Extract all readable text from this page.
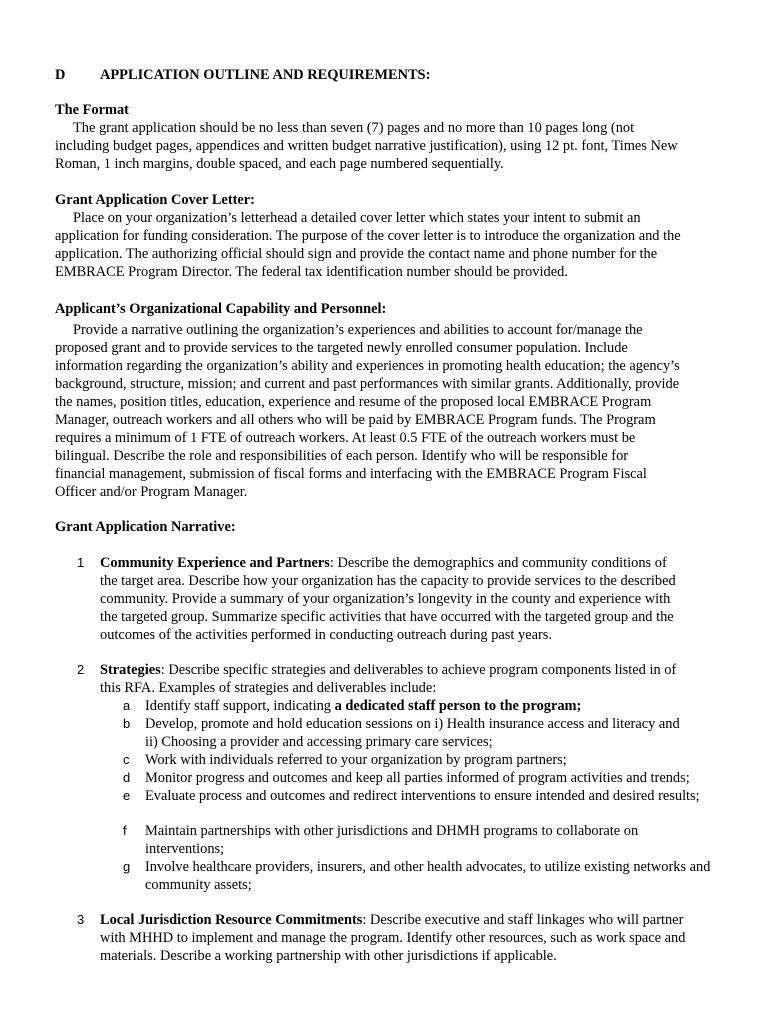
D APPLICATION OUTLINE AND REQUIREMENTS:
The Format
The grant application should be no less than seven (7) pages and no more than 10 pages long (not
including budget pages, appendices and written budget narrative justification), using 12 pt. font, Times New
Roman, 1 inch margins, double spaced, and each page numbered sequentially.
Grant Application Cover Letter:
Place on your organization’s letterhead a detailed cover letter which states your intent to submit an
application for funding consideration. The purpose of the cover letter is to introduce the organization and the
application. The authorizing official should sign and provide the contact name and phone number for the
EMBRACE Program Director. The federal tax identification number should be provided.
Applicant’s Organizational Capability and Personnel:
Provide a narrative outlining the organization’s experiences and abilities to account for/manage the
proposed grant and to provide services to the targeted newly enrolled consumer population. Include
information regarding the organization’s ability and experiences in promoting health education; the agency’s
background, structure, mission; and current and past performances with similar grants. Additionally, provide
the names, position titles, education, experience and resume of the proposed local EMBRACE Program
Manager, outreach workers and all others who will be paid by EMBRACE Program funds. The Program
requires a minimum of 1 FTE of outreach workers. At least 0.5 FTE of the outreach workers must be
bilingual. Describe the role and responsibilities of each person. Identify who will be responsible for
financial management, submission of fiscal forms and interfacing with the EMBRACE Program Fiscal
Officer and/or Program Manager.
Grant Application Narrative:
1 Community Experience and Partners: Describe the demographics and community conditions of
the target area. Describe how your organization has the capacity to provide services to the described
community. Provide a summary of your organization’s longevity in the county and experience with
the targeted group. Summarize specific activities that have occurred with the targeted group and the
outcomes of the activities performed in conducting outreach during past years.
2 Strategies: Describe specific strategies and deliverables to achieve program components listed in of
this RFA. Examples of strategies and deliverables include:
a Identify staff support, indicating a dedicated staff person to the program;
b Develop, promote and hold education sessions on i) Health insurance access and literacy and
ii) Choosing a provider and accessing primary care services;
c Work with individuals referred to your organization by program partners;
d Monitor progress and outcomes and keep all parties informed of program activities and trends;
e Evaluate process and outcomes and redirect interventions to ensure intended and desired results;
f Maintain partnerships with other jurisdictions and DHMH programs to collaborate on
interventions;
g Involve healthcare providers, insurers, and other health advocates, to utilize existing networks and
community assets;
3 Local Jurisdiction Resource Commitments: Describe executive and staff linkages who will partner
with MHHD to implement and manage the program. Identify other resources, such as work space and
materials. Describe a working partnership with other jurisdictions if applicable.
